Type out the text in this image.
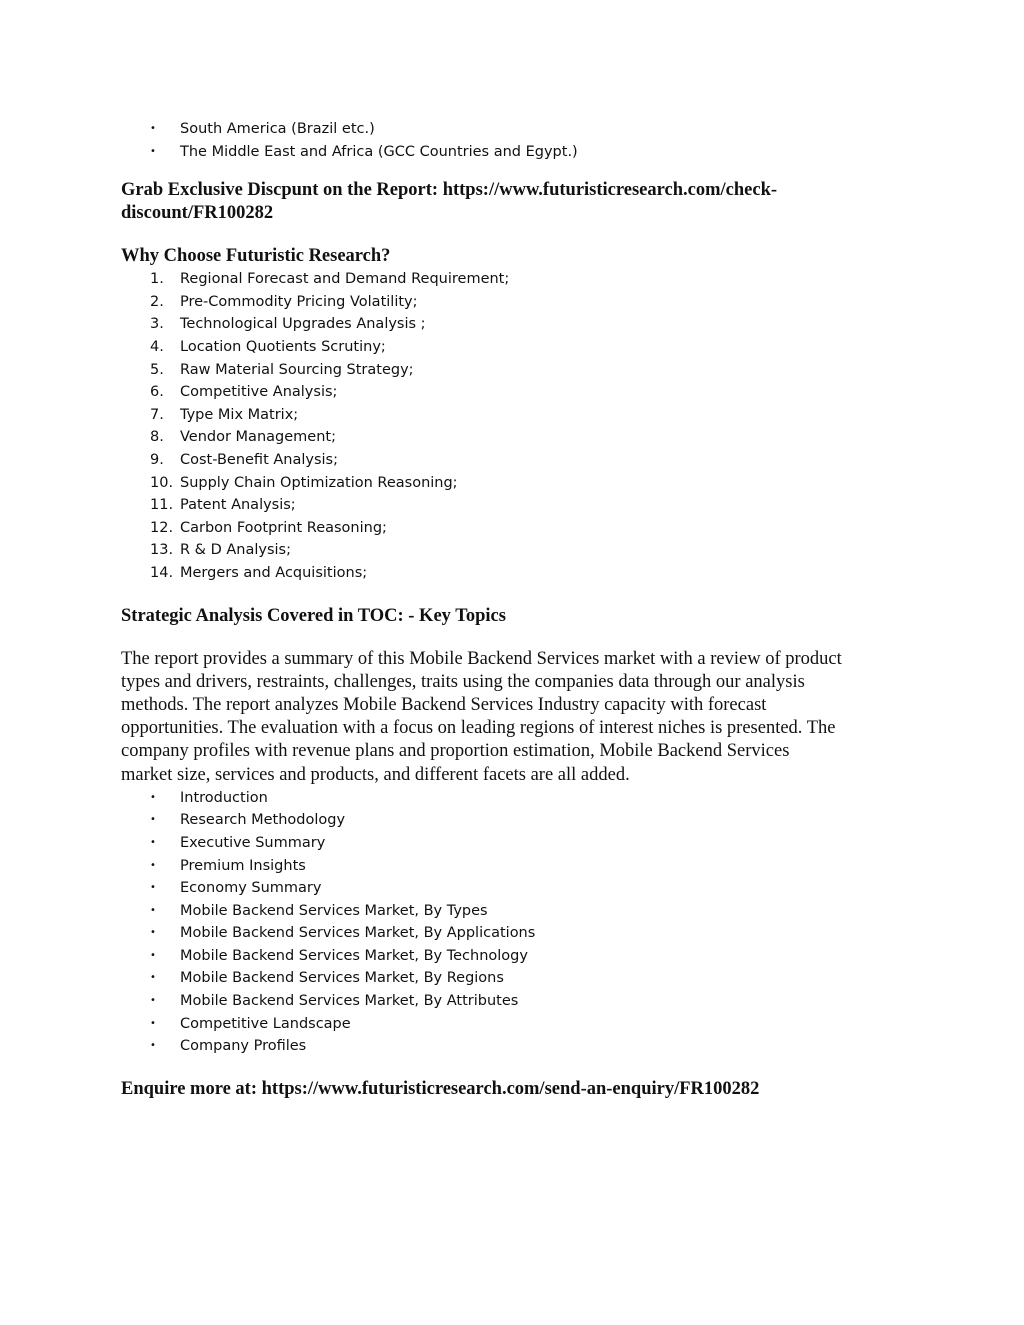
• South America (Brazil etc.)
• The Middle East and Africa (GCC Countries and Egypt.)
Grab Exclusive Discpunt on the Report: https://www.futuristicresearch.com/check-discount/FR100282
Why Choose Futuristic Research?
1. Regional Forecast and Demand Requirement;
2. Pre-Commodity Pricing Volatility;
3. Technological Upgrades Analysis ;
4. Location Quotients Scrutiny;
5. Raw Material Sourcing Strategy;
6. Competitive Analysis;
7. Type Mix Matrix;
8. Vendor Management;
9. Cost-Benefit Analysis;
10. Supply Chain Optimization Reasoning;
11. Patent Analysis;
12. Carbon Footprint Reasoning;
13. R & D Analysis;
14. Mergers and Acquisitions;
Strategic Analysis Covered in TOC: - Key Topics
The report provides a summary of this Mobile Backend Services market with a review of product
types and drivers, restraints, challenges, traits using the companies data through our analysis
methods. The report analyzes Mobile Backend Services Industry capacity with forecast
opportunities. The evaluation with a focus on leading regions of interest niches is presented. The
company profiles with revenue plans and proportion estimation, Mobile Backend Services
market size, services and products, and different facets are all added.
• Introduction
• Research Methodology
• Executive Summary
• Premium Insights
• Economy Summary
• Mobile Backend Services Market, By Types
• Mobile Backend Services Market, By Applications
• Mobile Backend Services Market, By Technology
• Mobile Backend Services Market, By Regions
• Mobile Backend Services Market, By Attributes
• Competitive Landscape
• Company Profiles
Enquire more at: https://www.futuristicresearch.com/send-an-enquiry/FR100282
